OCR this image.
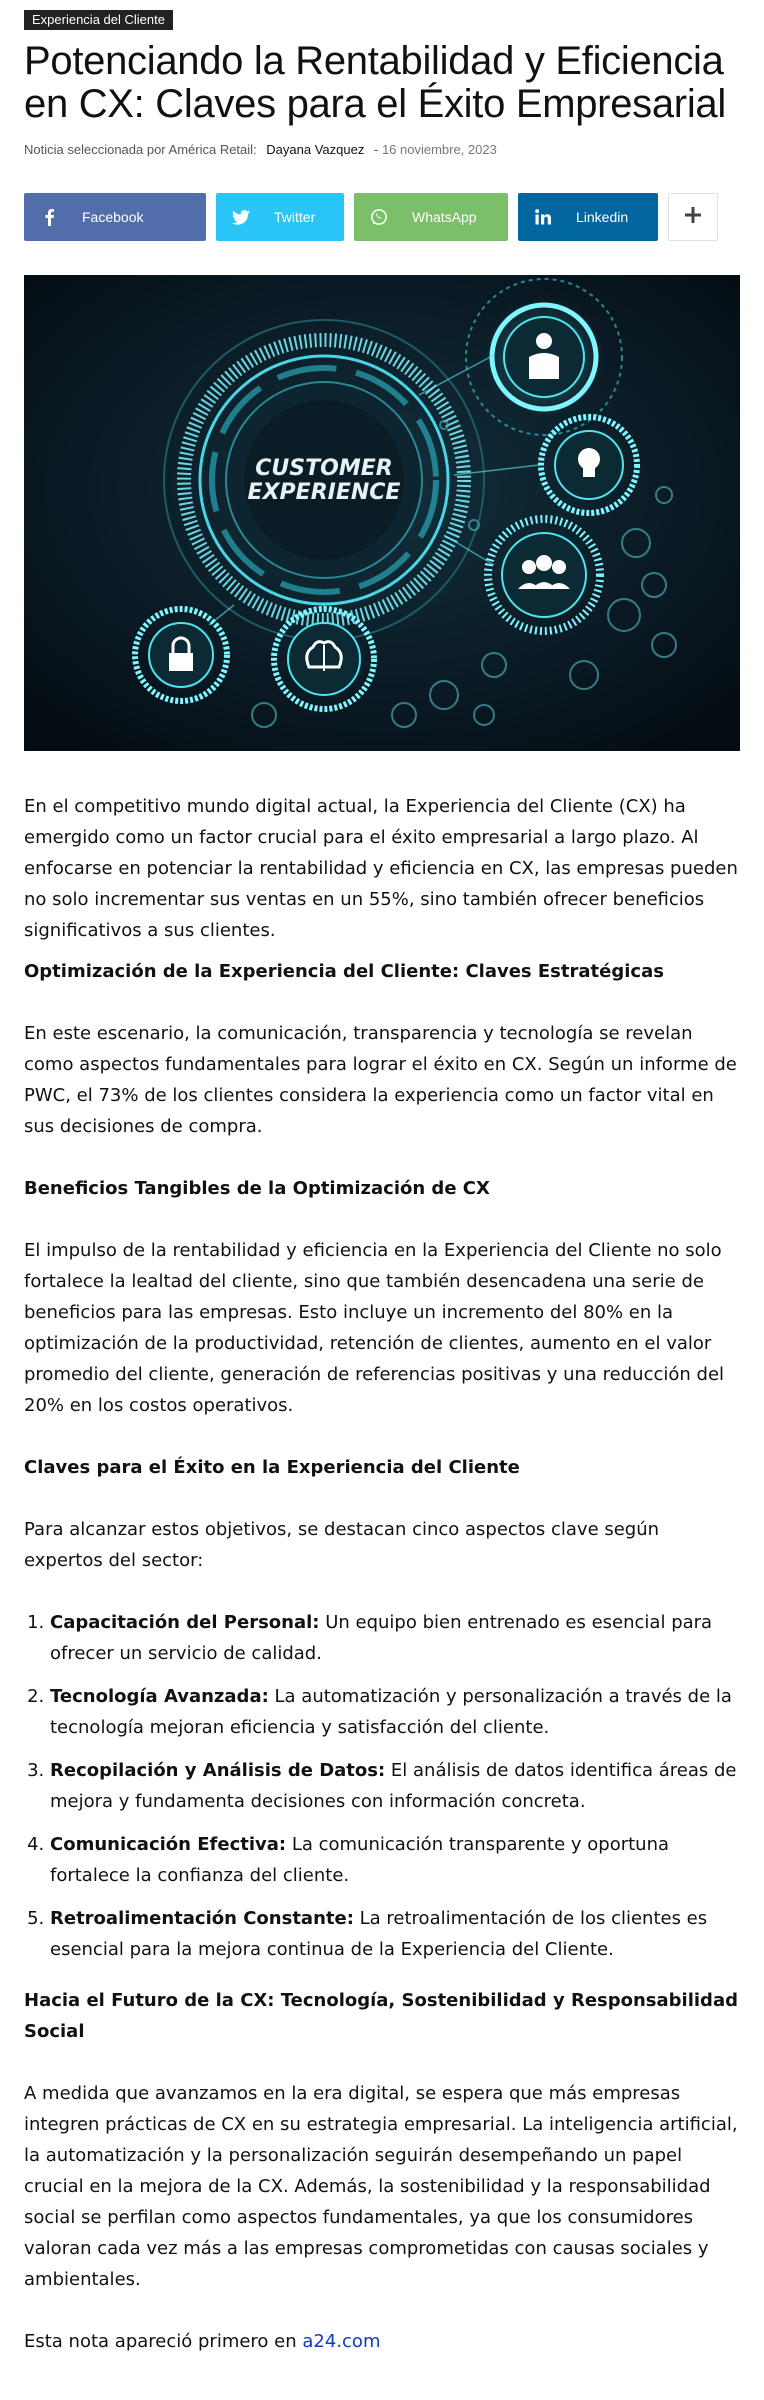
Experiencia del Cliente
Potenciando la Rentabilidad y Eficiencia en CX: Claves para el Éxito Empresarial
Noticia seleccionada por América Retail: Dayana Vazquez - 16 noviembre, 2023
Facebook	Twitter	WhatsApp	Linkedin
CUSTOMER
EXPERIENCE

En el competitivo mundo digital actual, la Experiencia del Cliente (CX) ha emergido como un factor crucial para el éxito empresarial a largo plazo. Al enfocarse en potenciar la rentabilidad y eficiencia en CX, las empresas pueden no solo incrementar sus ventas en un 55%, sino también ofrecer beneficios significativos a sus clientes.

Optimización de la Experiencia del Cliente: Claves Estratégicas

En este escenario, la comunicación, transparencia y tecnología se revelan como aspectos fundamentales para lograr el éxito en CX. Según un informe de PWC, el 73% de los clientes considera la experiencia como un factor vital en sus decisiones de compra.

Beneficios Tangibles de la Optimización de CX

El impulso de la rentabilidad y eficiencia en la Experiencia del Cliente no solo fortalece la lealtad del cliente, sino que también desencadena una serie de beneficios para las empresas. Esto incluye un incremento del 80% en la optimización de la productividad, retención de clientes, aumento en el valor promedio del cliente, generación de referencias positivas y una reducción del 20% en los costos operativos.

Claves para el Éxito en la Experiencia del Cliente

Para alcanzar estos objetivos, se destacan cinco aspectos clave según expertos del sector:

1. Capacitación del Personal: Un equipo bien entrenado es esencial para ofrecer un servicio de calidad.
2. Tecnología Avanzada: La automatización y personalización a través de la tecnología mejoran eficiencia y satisfacción del cliente.
3. Recopilación y Análisis de Datos: El análisis de datos identifica áreas de mejora y fundamenta decisiones con información concreta.
4. Comunicación Efectiva: La comunicación transparente y oportuna fortalece la confianza del cliente.
5. Retroalimentación Constante: La retroalimentación de los clientes es esencial para la mejora continua de la Experiencia del Cliente.
Hacia el Futuro de la CX: Tecnología, Sostenibilidad y Responsabilidad Social

A medida que avanzamos en la era digital, se espera que más empresas integren prácticas de CX en su estrategia empresarial. La inteligencia artificial, la automatización y la personalización seguirán desempeñando un papel crucial en la mejora de la CX. Además, la sostenibilidad y la responsabilidad social se perfilan como aspectos fundamentales, ya que los consumidores valoran cada vez más a las empresas comprometidas con causas sociales y ambientales.

Esta nota apareció primero en a24.com
